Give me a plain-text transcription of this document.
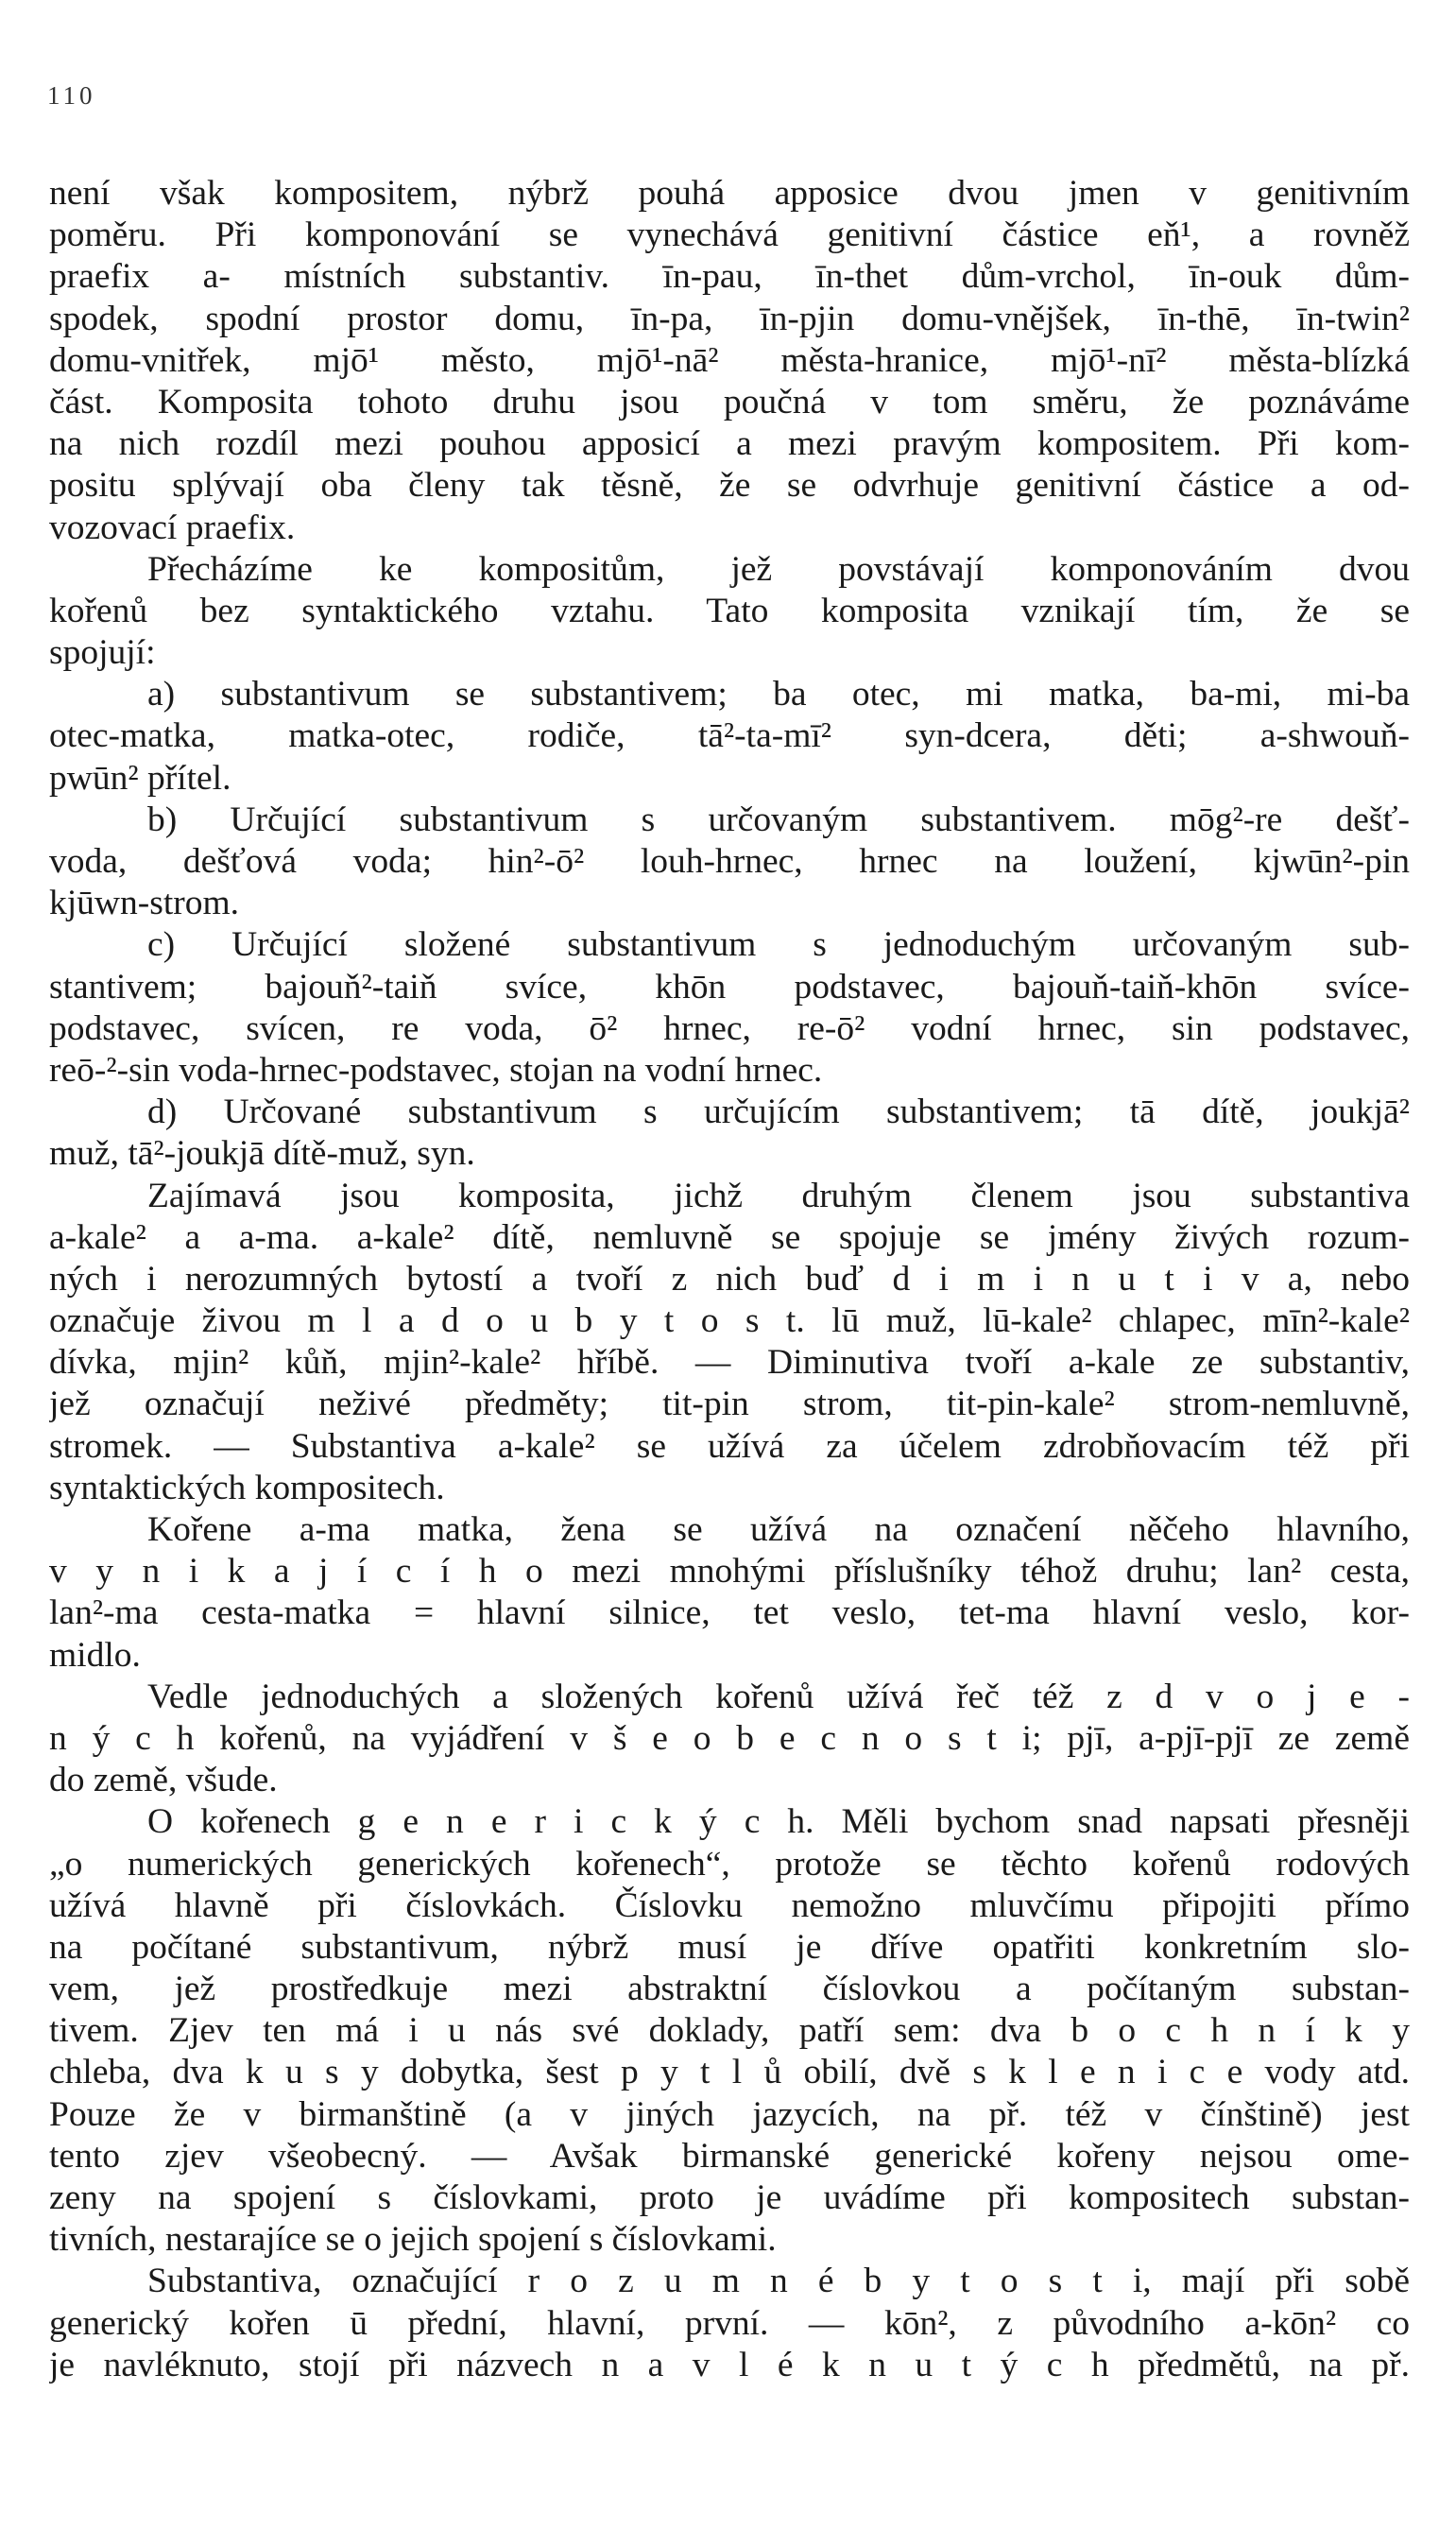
110
není však kompositem, nýbrž pouhá apposice dvou jmen v genitivním
poměru. Při komponování se vynechává genitivní částice eň¹, a rovněž
praefix a- místních substantiv. īn-pau, īn-thet dům-vrchol, īn-ouk dům-
spodek, spodní prostor domu, īn-pa, īn-pjin domu-vnějšek, īn-thē, īn-twin²
domu-vnitřek, mjō¹ město, mjō¹-nā² města-hranice, mjō¹-nī² města-blízká
část. Komposita tohoto druhu jsou poučná v tom směru, že poznáváme
na nich rozdíl mezi pouhou apposicí a mezi pravým kompositem. Při kom-
positu splývají oba členy tak těsně, že se odvrhuje genitivní částice a od-
vozovací praefix.
Přecházíme ke kompositům, jež povstávají komponováním dvou
kořenů bez syntaktického vztahu. Tato komposita vznikají tím, že se
spojují:
a) substantivum se substantivem; ba otec, mi matka, ba-mi, mi-ba
otec-matka, matka-otec, rodiče, tā²-ta-mī² syn-dcera, děti; a-shwouň-
pwūn² přítel.
b) Určující substantivum s určovaným substantivem. mōg²-re dešť-
voda, dešťová voda; hin²-ō² louh-hrnec, hrnec na loužení, kjwūn²-pin
kjūwn-strom.
c) Určující složené substantivum s jednoduchým určovaným sub-
stantivem; bajouň²-taiň svíce, khōn podstavec, bajouň-taiň-khōn svíce-
podstavec, svícen, re voda, ō² hrnec, re-ō² vodní hrnec, sin podstavec,
reō-²-sin voda-hrnec-podstavec, stojan na vodní hrnec.
d) Určované substantivum s určujícím substantivem; tā dítě, joukjā²
muž, tā²-joukjā dítě-muž, syn.
Zajímavá jsou komposita, jichž druhým členem jsou substantiva
a-kale² a a-ma. a-kale² dítě, nemluvně se spojuje se jmény živých rozum-
ných i nerozumných bytostí a tvoří z nich buď d i m i n u t i v a, nebo
označuje živou m l a d o u b y t o s t. lū muž, lū-kale² chlapec, mīn²-kale²
dívka, mjin² kůň, mjin²-kale² hříbě. — Diminutiva tvoří a-kale ze substantiv,
jež označují neživé předměty; tit-pin strom, tit-pin-kale² strom-nemluvně,
stromek. — Substantiva a-kale² se užívá za účelem zdrobňovacím též při
syntaktických kompositech.
Kořene a-ma matka, žena se užívá na označení něčeho hlavního,
v y n i k a j í c í h o mezi mnohými příslušníky téhož druhu; lan² cesta,
lan²-ma cesta-matka = hlavní silnice, tet veslo, tet-ma hlavní veslo, kor-
midlo.
Vedle jednoduchých a složených kořenů užívá řeč též z d v o j e -
n ý c h kořenů, na vyjádření v š e o b e c n o s t i; pjī, a-pjī-pjī ze země
do země, všude.
O kořenech g e n e r i c k ý c h. Měli bychom snad napsati přesněji
„o numerických generických kořenech“, protože se těchto kořenů rodových
užívá hlavně při číslovkách. Číslovku nemožno mluvčímu připojiti přímo
na počítané substantivum, nýbrž musí je dříve opatřiti konkretním slo-
vem, jež prostředkuje mezi abstraktní číslovkou a počítaným substan-
tivem. Zjev ten má i u nás své doklady, patří sem: dva b o c h n í k y
chleba, dva k u s y dobytka, šest p y t l ů obilí, dvě s k l e n i c e vody atd.
Pouze že v birmanštině (a v jiných jazycích, na př. též v čínštině) jest
tento zjev všeobecný. — Avšak birmanské generické kořeny nejsou ome-
zeny na spojení s číslovkami, proto je uvádíme při kompositech substan-
tivních, nestarajíce se o jejich spojení s číslovkami.
Substantiva, označující r o z u m n é b y t o s t i, mají při sobě
generický kořen ū přední, hlavní, první. — kōn², z původního a-kōn² co
je navléknuto, stojí při názvech n a v l é k n u t ý c h předmětů, na př.
